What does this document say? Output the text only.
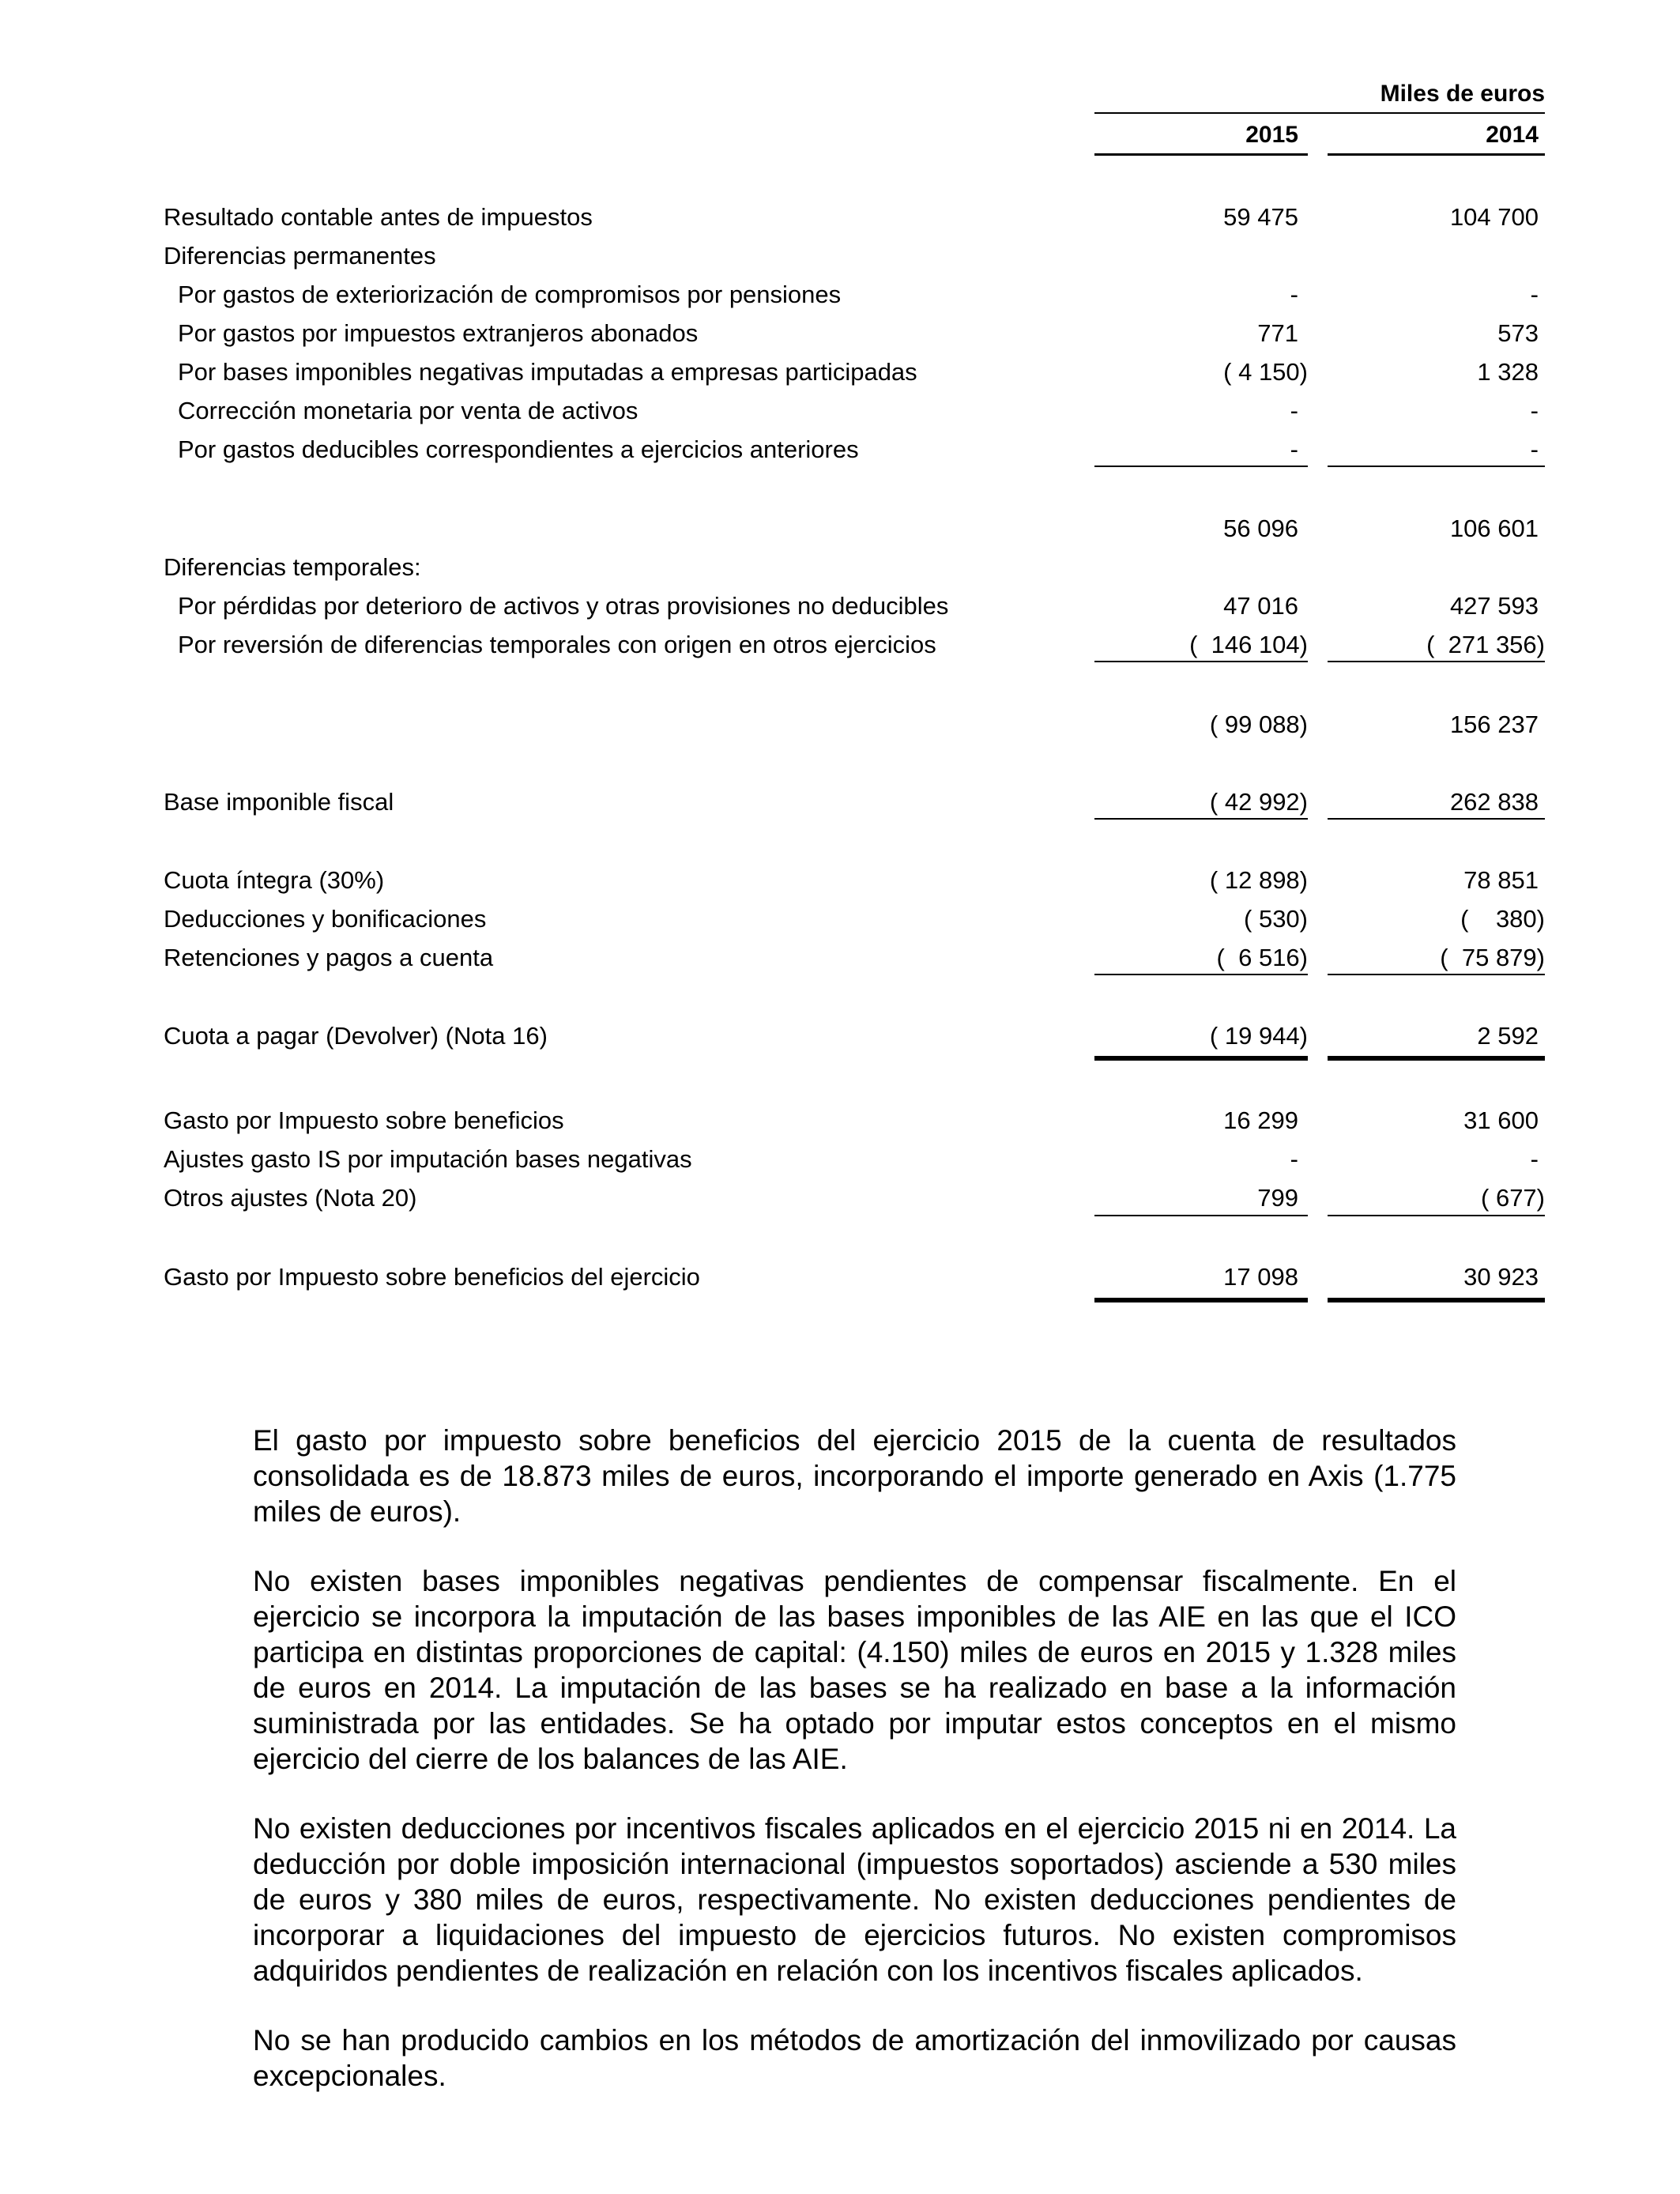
Miles de euros
2015	2014
Resultado contable antes de impuestos	59 475	104 700
Diferencias permanentes
Por gastos de exteriorización de compromisos por pensiones	-	-
Por gastos por impuestos extranjeros abonados	771	573
Por bases imponibles negativas imputadas a empresas participadas	( 4 150)	1 328
Corrección monetaria por venta de activos	-	-
Por gastos deducibles correspondientes a ejercicios anteriores	-	-
56 096	106 601
Diferencias temporales:
Por pérdidas por deterioro de activos y otras provisiones no deducibles	47 016	427 593
Por reversión de diferencias temporales con origen en otros ejercicios	(  146 104)	(  271 356)
( 99 088)	156 237
Base imponible fiscal	( 42 992)	262 838
Cuota íntegra (30%)	( 12 898)	78 851
Deducciones y bonificaciones	( 530)	(    380)
Retenciones y pagos a cuenta	(  6 516)	(  75 879)
Cuota a pagar (Devolver) (Nota 16)	( 19 944)	2 592
Gasto por Impuesto sobre beneficios	16 299	31 600
Ajustes gasto IS por imputación bases negativas	-	-
Otros ajustes (Nota 20)	799	( 677)
Gasto por Impuesto sobre beneficios del ejercicio	17 098	30 923

El gasto por impuesto sobre beneficios del ejercicio 2015 de la cuenta de resultados consolidada es de 18.873 miles de euros, incorporando el importe generado en Axis (1.775 miles de euros).

No existen bases imponibles negativas pendientes de compensar fiscalmente. En el ejercicio se incorpora la imputación de las bases imponibles de las AIE en las que el ICO participa en distintas proporciones de capital: (4.150) miles de euros en 2015 y 1.328 miles de euros en 2014. La imputación de las bases se ha realizado en base a la información suministrada por las entidades. Se ha optado por imputar estos conceptos en el mismo ejercicio del cierre de los balances de las AIE.

No existen deducciones por incentivos fiscales aplicados en el ejercicio 2015 ni en 2014. La deducción por doble imposición internacional (impuestos soportados) asciende a 530 miles de euros y 380 miles de euros, respectivamente. No existen deducciones pendientes de incorporar a liquidaciones del impuesto de ejercicios futuros. No existen compromisos adquiridos pendientes de realización en relación con los incentivos fiscales aplicados.

No se han producido cambios en los métodos de amortización del inmovilizado por causas excepcionales.
